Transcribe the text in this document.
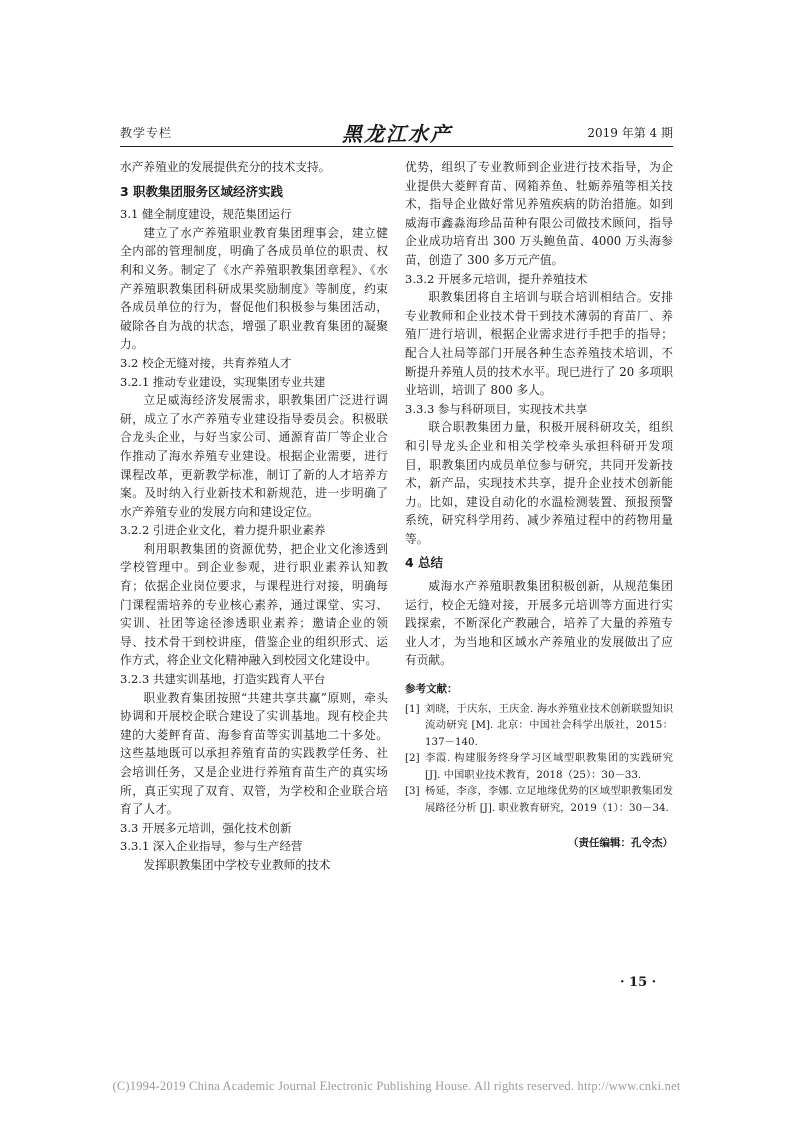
教学专栏	黑龙江水产	2019 年第 4 期
水产养殖业的发展提供充分的技术支持。
3 职教集团服务区域经济实践
3.1 健全制度建设，规范集团运行
建立了水产养殖职业教育集团理事会，建立健全内部的管理制度，明确了各成员单位的职责、权利和义务。制定了《水产养殖职教集团章程》、《水产养殖职教集团科研成果奖励制度》等制度，约束各成员单位的行为，督促他们积极参与集团活动，破除各自为战的状态，增强了职业教育集团的凝聚力。
3.2 校企无缝对接，共育养殖人才
3.2.1 推动专业建设，实现集团专业共建
立足威海经济发展需求，职教集团广泛进行调研，成立了水产养殖专业建设指导委员会。积极联合龙头企业，与好当家公司、通源育苗厂等企业合作推动了海水养殖专业建设。根据企业需要，进行课程改革，更新教学标准，制订了新的人才培养方案。及时纳入行业新技术和新规范，进一步明确了水产养殖专业的发展方向和建设定位。
3.2.2 引进企业文化，着力提升职业素养
利用职教集团的资源优势，把企业文化渗透到学校管理中。到企业参观，进行职业素养认知教育；依据企业岗位要求，与课程进行对接，明确每门课程需培养的专业核心素养，通过课堂、实习、实训、社团等途径渗透职业素养；邀请企业的领导、技术骨干到校讲座，借鉴企业的组织形式、运作方式，将企业文化精神融入到校园文化建设中。
3.2.3 共建实训基地，打造实践育人平台
职业教育集团按照“共建共享共赢”原则，牵头协调和开展校企联合建设了实训基地。现有校企共建的大菱鲆育苗、海参育苗等实训基地二十多处。这些基地既可以承担养殖育苗的实践教学任务、社会培训任务，又是企业进行养殖育苗生产的真实场所，真正实现了双育、双管，为学校和企业联合培育了人才。
3.3 开展多元培训，强化技术创新
3.3.1 深入企业指导，参与生产经营
发挥职教集团中学校专业教师的技术
优势，组织了专业教师到企业进行技术指导，为企业提供大菱鲆育苗、网箱养鱼、牡蛎养殖等相关技术，指导企业做好常见养殖疾病的防治措施。如到威海市鑫淼海珍品苗种有限公司做技术顾问，指导企业成功培育出 300 万头鲍鱼苗、4000 万头海参苗，创造了 300 多万元产值。
3.3.2 开展多元培训，提升养殖技术
职教集团将自主培训与联合培训相结合。安排专业教师和企业技术骨干到技术薄弱的育苗厂、养殖厂进行培训，根据企业需求进行手把手的指导；配合人社局等部门开展各种生态养殖技术培训，不断提升养殖人员的技术水平。现已进行了 20 多项职业培训，培训了 800 多人。
3.3.3 参与科研项目，实现技术共享
联合职教集团力量，积极开展科研攻关，组织和引导龙头企业和相关学校牵头承担科研开发项目，职教集团内成员单位参与研究，共同开发新技术，新产品，实现技术共享，提升企业技术创新能力。比如，建设自动化的水温检测装置、预报预警系统，研究科学用药、减少养殖过程中的药物用量等。
4 总结
威海水产养殖职教集团积极创新，从规范集团运行，校企无缝对接，开展多元培训等方面进行实践探索，不断深化产教融合，培养了大量的养殖专业人才，为当地和区域水产养殖业的发展做出了应有贡献。
参考文献：
[1] 刘晓，于庆东，王庆金. 海水养殖业技术创新联盟知识流动研究 [M]. 北京：中国社会科学出版社，2015：137－140.
[2] 李霞. 构建服务终身学习区域型职教集团的实践研究 [J]. 中国职业技术教育，2018（25）：30－33.
[3] 杨延，李彦，李娜. 立足地缘优势的区域型职教集团发展路径分析 [J]. 职业教育研究，2019（1）：30－34.
（责任编辑：孔令杰）
· 15 ·
(C)1994-2019 China Academic Journal Electronic Publishing House. All rights reserved. http://www.cnki.net
